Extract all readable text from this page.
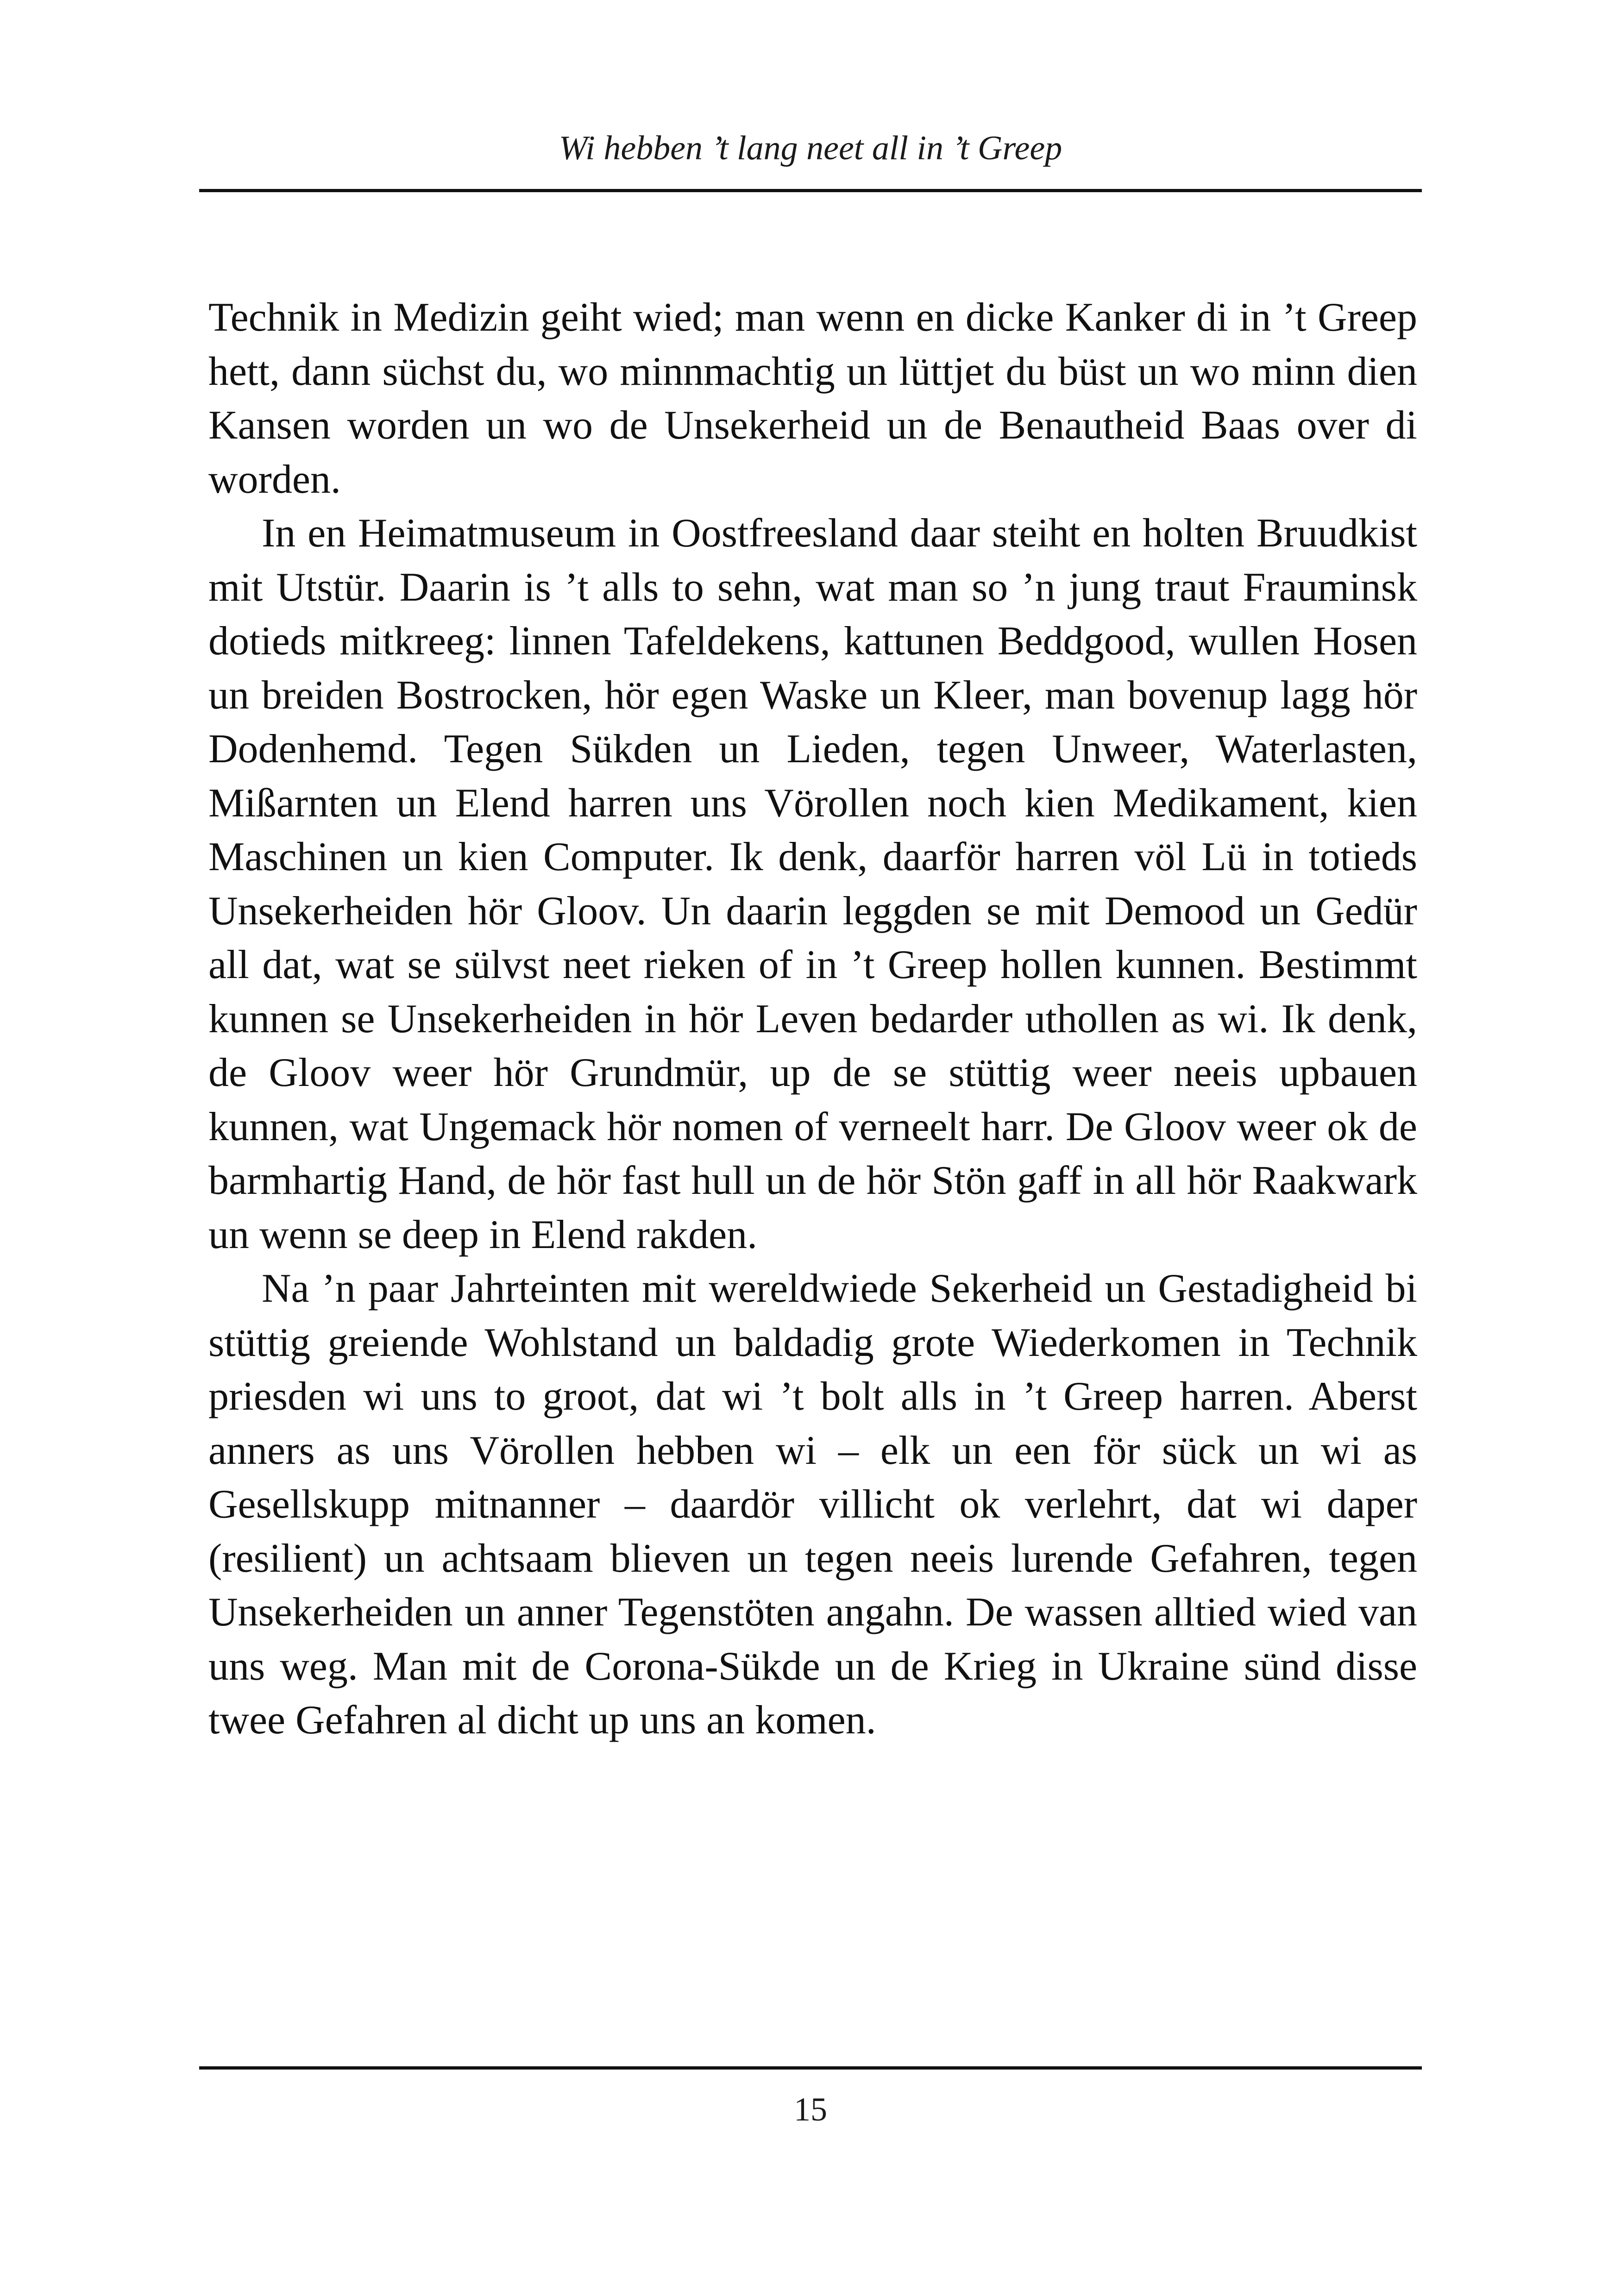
Wi hebben ’t lang neet all in ’t Greep

Technik in Medizin geiht wied; man wenn en dicke Kanker di in ’t Greep hett, dann süchst du, wo minnmachtig un lüttjet du büst un wo minn dien Kansen worden un wo de Unsekerheid un de Benautheid Baas over di worden.

In en Heimatmuseum in Oostfreesland daar steiht en holten Bruudkist mit Utstür. Daarin is ’t alls to sehn, wat man so ’n jung traut Frauminsk dotieds mitkreeg: linnen Tafeldekens, kattunen Beddgood, wullen Hosen un breiden Bostrocken, hör egen Waske un Kleer, man bovenup lagg hör Dodenhemd. Tegen Sükden un Lieden, tegen Unweer, Waterlasten, Mißarnten un Elend harren uns Vörollen noch kien Medikament, kien Maschinen un kien Computer. Ik denk, daarför harren völ Lü in totieds Unsekerheiden hör Gloov. Un daarin leggden se mit Demood un Gedür all dat, wat se sülvst neet rieken of in ’t Greep hollen kunnen. Bestimmt kunnen se Unsekerheiden in hör Leven bedarder uthollen as wi. Ik denk, de Gloov weer hör Grundmür, up de se stüttig weer neeis upbauen kunnen, wat Ungemack hör nomen of verneelt harr. De Gloov weer ok de barmhartig Hand, de hör fast hull un de hör Stön gaff in all hör Raakwark un wenn se deep in Elend rakden.

Na ’n paar Jahrteinten mit wereldwiede Sekerheid un Gestadigheid bi stüttig greiende Wohlstand un baldadig grote Wiederkomen in Technik priesden wi uns to groot, dat wi ’t bolt alls in ’t Greep harren. Aberst anners as uns Vörollen hebben wi – elk un een för sück un wi as Gesellskupp mitnanner – daardör villicht ok verlehrt, dat wi daper (resilient) un achtsaam blieven un tegen neeis lurende Gefahren, tegen Unsekerheiden un anner Tegenstöten angahn. De wassen alltied wied van uns weg. Man mit de Corona-Sükde un de Krieg in Ukraine sünd disse twee Gefahren al dicht up uns an komen.

15
